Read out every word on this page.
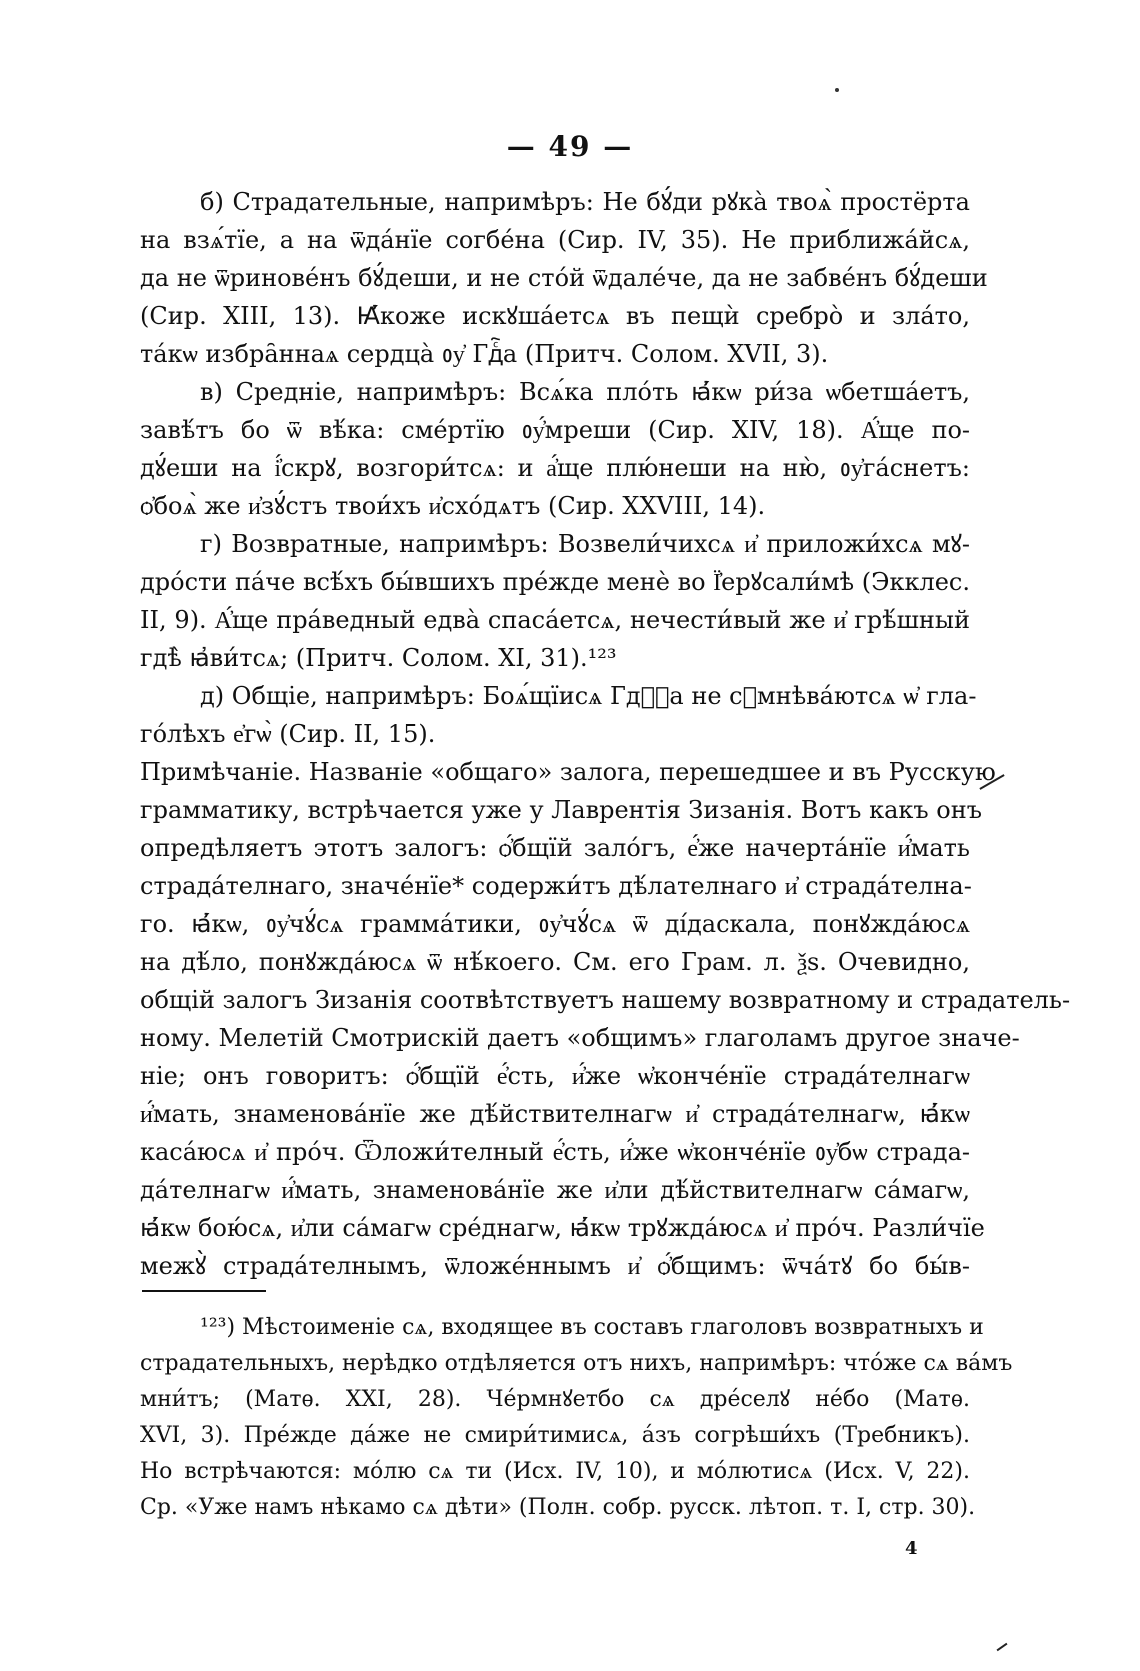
— 49 —
б) Страдательные, напримѣръ: Не бꙋ́ди рꙋка̀ твоѧ̀ простёрта
на взѧ́тїе, а на ѿда́нїе согбе́на (Сир. IV, 35). Не приближа́йсѧ,
да не ѿринове́нъ бꙋ́деши, и не сто́й ѿдале́че, да не забве́нъ бꙋ́деши
(Сир. XIII, 13). Ꙗ҆́коже искꙋша́етсѧ въ пещѝ сребро̀ и зла́то,
та́кѡ избра̑ннаѧ сердца̀ ᲂу҆ Гдⷭ҇а (Притч. Солом. XVII, 3).
в) Средніе, напримѣръ: Всѧ́ка пло́ть ꙗ҆́кѡ ри́за ѡбетша́етъ,
завѣ́тъ бо ѿ вѣ́ка: сме́ртїю ᲂу҆́мреши (Сир. XIV, 18). А҆́ще по-
дꙋ́еши на і҆́скрꙋ, возгори́тсѧ: и а҆́ще плю́неши на ню̀, ᲂу҆га́снетъ:
ѻ҆боѧ̀ же и҆зꙋ́стъ твои́хъ и҆схо́дѧтъ (Сир. XXVIII, 14).
г) Возвратные, напримѣръ: Возвели́чихсѧ и҆ приложи́хсѧ мꙋ-
дро́сти па́че всѣ́хъ бы́вшихъ пре́жде менѐ во Ї҆ерꙋсали́мѣ (Экклес.
II, 9). А҆́ще пра́ведный едва̀ спаса́етсѧ, нечести́вый же и҆ грѣ́шный
гдѣ̀ ꙗ҆ви́тсѧ; (Притч. Солом. XI, 31).¹²³
д) Общіе, напримѣръ: Боѧ́щїисѧ Гдⷭ҇а не сꙋмнѣва́ютсѧ ѡ҆ гла-
го́лѣхъ е҆гѡ̀ (Сир. II, 15).
Примѣчаніе. Названіе «общаго» залога, перешедшее и въ Русскую
грамматику, встрѣчается уже у Лаврентія Зизанія. Вотъ какъ онъ
опредѣляетъ этотъ залогъ: ѻ҆́бщїй зало́гъ, е҆́же начерта́нїе и҆́мать
страда́телнаго, значе́нїе* содержи́тъ дѣ́лателнаго и҆ страда́телна-
го. ꙗ҆́кѡ, ᲂу҆чꙋ́сѧ грамма́тики, ᲂу҆чꙋ́сѧ ѿ ді́даскала, понꙋжда́юсѧ
на дѣ́ло, понꙋжда́юсѧ ѿ нѣ́коего. См. его Грам. л. ѯѕ. Очевидно,
общій залогъ Зизанія соотвѣтствуетъ нашему возвратному и страдатель-
ному. Мелетій Смотрискій даетъ «общимъ» глаголамъ другое значе-
ніе; онъ говоритъ: ѻ҆́бщїй е҆́сть, и҆́же ѡ҆конче́нїе страда́телнагѡ
и҆́мать, знаменова́нїе же дѣ́йствителнагѡ и҆ страда́телнагѡ, ꙗ҆́кѡ
каса́юсѧ и҆ про́ч. Ѿложи́телный е҆́сть, и҆́же ѡ҆конче́нїе ᲂу҆бѡ страда-
да́телнагѡ и҆́мать, знаменова́нїе же и҆ли дѣ́йствителнагѡ са́магѡ,
ꙗ҆́кѡ бою́сѧ, и҆ли са́магѡ сре́днагѡ, ꙗ҆́кѡ трꙋжда́юсѧ и҆ про́ч. Разли́чїе
межꙋ̀ страда́телнымъ, ѿложе́ннымъ и҆ ѻ҆́бщимъ: ѿча́тꙋ бо бы́в-
¹²³) Мѣстоименіе сѧ, входящее въ составъ глаголовъ возвратныхъ и
страдательныхъ, нерѣдко отдѣляется отъ нихъ, напримѣръ: что́же сѧ ва́мъ
мни́тъ; (Матѳ. XXI, 28). Че́рмнꙋетбо сѧ дре́селꙋ не́бо (Матѳ.
XVI, 3). Пре́жде да́же не смири́тимисѧ, а́зъ согрѣши́хъ (Требникъ).
Но встрѣчаются: мо́лю сѧ ти (Исх. IV, 10), и мо́лютисѧ (Исх. V, 22).
Ср. «Уже намъ нѣкамо сѧ дѣти» (Полн. собр. русск. лѣтоп. т. I, стр. 30).
4
